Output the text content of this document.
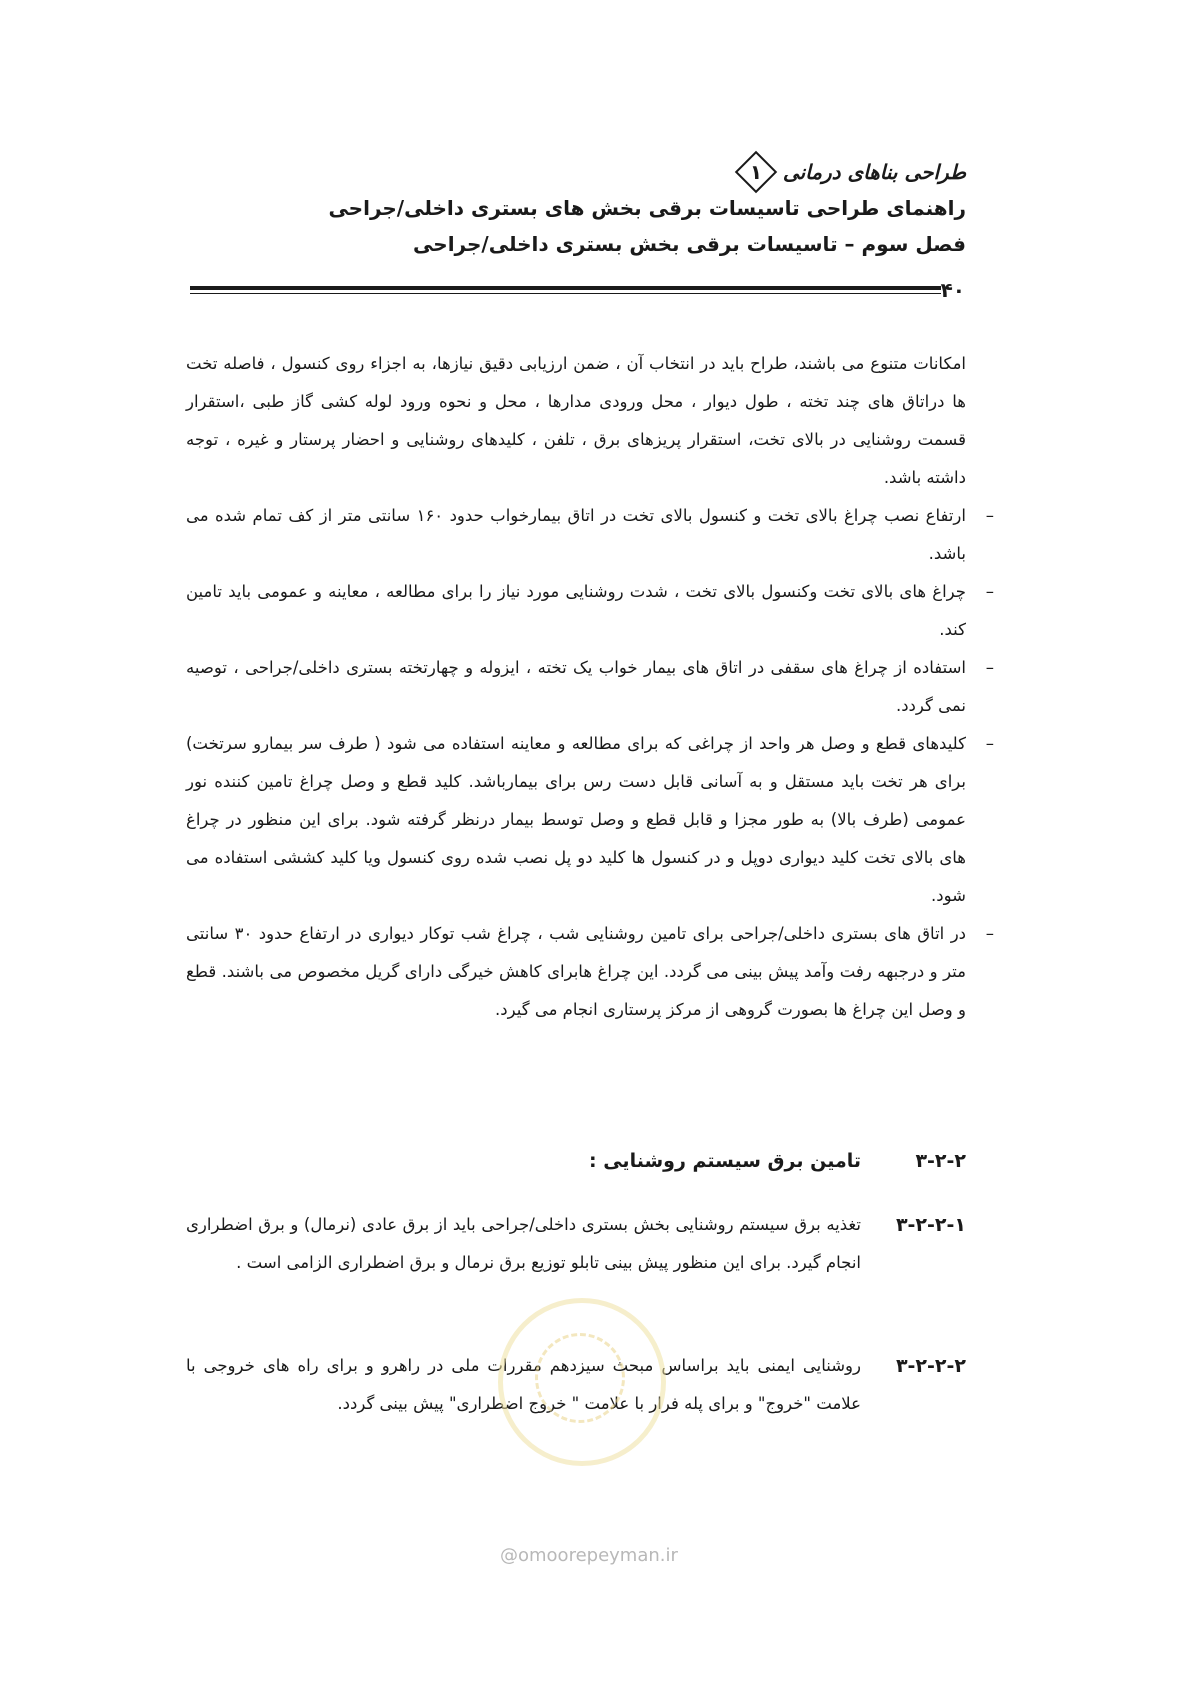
طراحی بناهای درمانی
۱
راهنمای طراحی تاسیسات برقی بخش های بستری داخلی/جراحی
فصل سوم – تاسیسات برقی بخش بستری داخلی/جراحی
۴۰

امکانات متنوع می باشند، طراح باید در انتخاب آن ، ضمن ارزیابی دقیق نیازها، به اجزاء روی کنسول ، فاصله تخت ها دراتاق های چند تخته ، طول دیوار ، محل ورودی مدارها ، محل و نحوه ورود لوله کشی گاز طبی ،استقرار قسمت روشنایی در بالای تخت، استقرار پریزهای برق ، تلفن ، کلیدهای روشنایی و احضار پرستار و غیره ، توجه داشته باشد.

–
ارتفاع نصب چراغ بالای تخت و کنسول بالای تخت در اتاق بیمارخواب حدود ۱۶۰ سانتی متر از کف تمام شده می باشد.
–
چراغ های بالای تخت وکنسول بالای تخت ، شدت روشنایی مورد نیاز را برای مطالعه ، معاینه و عمومی باید تامین کند.
–
استفاده از چراغ های سقفی در اتاق های بیمار خواب یک تخته ، ایزوله و چهارتخته بستری داخلی/جراحی ، توصیه نمی گردد.
–
کلیدهای قطع و وصل هر واحد از چراغی که برای مطالعه و معاینه استفاده می شود ( طرف سر بیمارو سرتخت) برای هر تخت باید مستقل و به آسانی قابل دست رس برای بیمارباشد. کلید قطع و وصل چراغ تامین کننده نور عمومی (طرف بالا) به طور مجزا و قابل قطع و وصل توسط بیمار درنظر گرفته شود. برای این منظور در چراغ های بالای تخت کلید دیواری دوپل و در کنسول ها کلید دو پل نصب شده روی کنسول ویا کلید کششی استفاده می شود.
–
در اتاق های بستری داخلی/جراحی برای تامین روشنایی شب ، چراغ شب توکار دیواری در ارتفاع حدود ۳۰ سانتی متر و درجبهه رفت وآمد پیش بینی می گردد. این چراغ هابرای کاهش خیرگی دارای گریل مخصوص می باشند. قطع و وصل این چراغ ها بصورت گروهی از مرکز پرستاری انجام می گیرد.
۳-۲-۲
تامین برق سیستم روشنایی :
۳-۲-۲-۱
تغذیه برق سیستم روشنایی بخش بستری داخلی/جراحی باید از برق عادی (نرمال) و برق اضطراری انجام گیرد. برای این منظور پیش بینی تابلو توزیع برق نرمال و برق اضطراری الزامی است .
۳-۲-۲-۲
روشنایی ایمنی باید براساس مبحث سیزدهم مقررات ملی در راهرو و برای راه های خروجی با علامت "خروج" و برای پله فرار با علامت " خروج اضطراری" پیش بینی گردد.
@omoorepeyman.ir
